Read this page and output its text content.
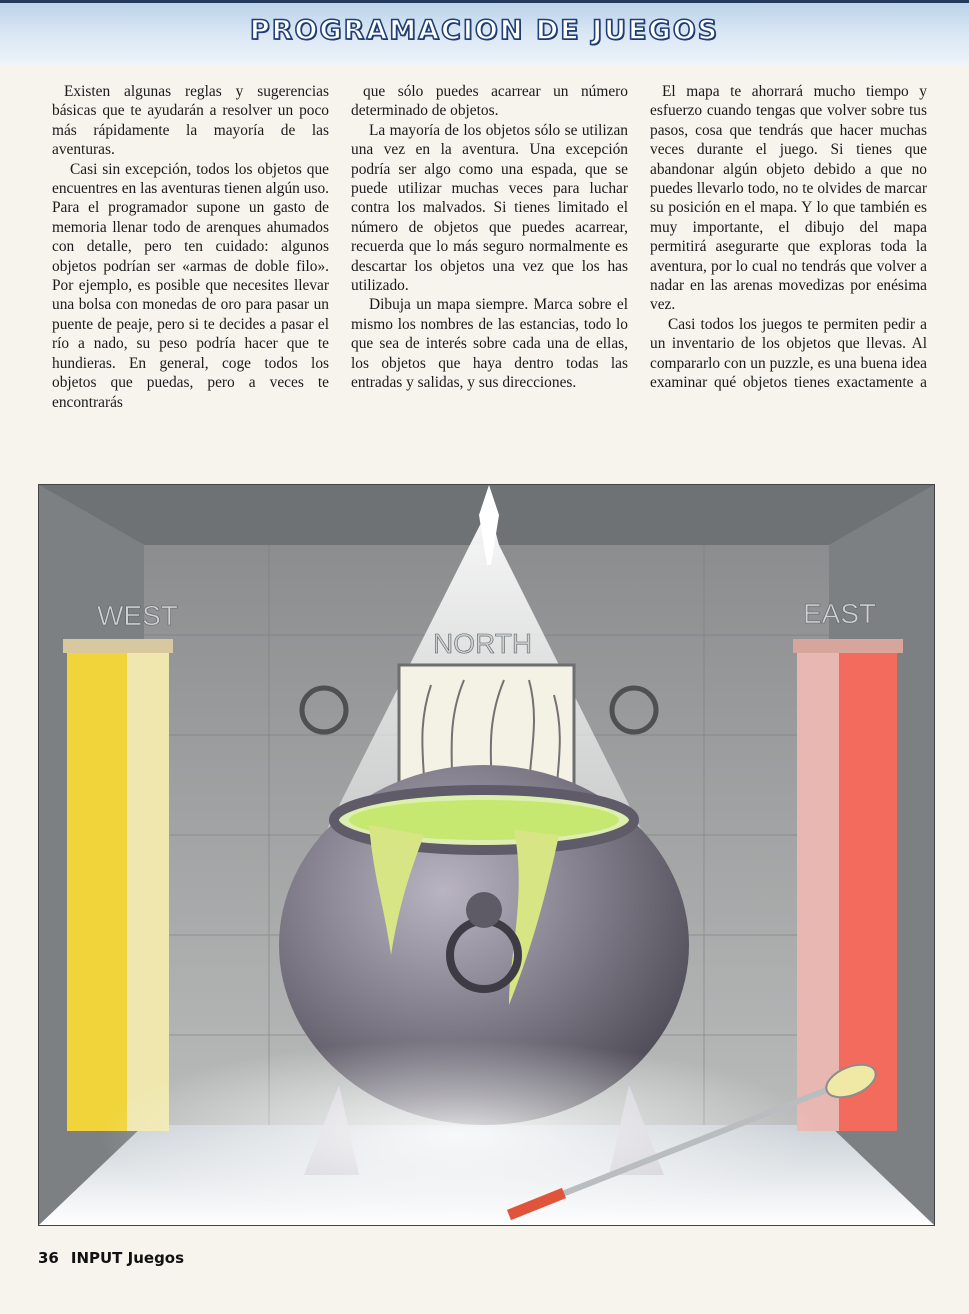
PROGRAMACION DE JUEGOS

Existen algunas reglas y sugerencias básicas que te ayudarán a resolver un poco más rápidamente la mayoría de las aventuras.

Casi sin excepción, todos los objetos que encuentres en las aventuras tienen algún uso. Para el programador supone un gasto de memoria llenar todo de arenques ahumados con detalle, pero ten cuidado: algunos objetos podrían ser «armas de doble filo». Por ejemplo, es posible que necesites llevar una bolsa con monedas de oro para pasar un puente de peaje, pero si te decides a pasar el río a nado, su peso podría hacer que te hundieras. En general, coge todos los objetos que puedas, pero a veces te encontrarás

que sólo puedes acarrear un número determinado de objetos.

La mayoría de los objetos sólo se utilizan una vez en la aventura. Una excepción podría ser algo como una espada, que se puede utilizar muchas veces para luchar contra los malvados. Si tienes limitado el número de objetos que puedes acarrear, recuerda que lo más seguro normalmente es descartar los objetos una vez que los has utilizado.

Dibuja un mapa siempre. Marca sobre el mismo los nombres de las estancias, todo lo que sea de interés sobre cada una de ellas, los objetos que haya dentro todas las entradas y salidas, y sus direcciones.

El mapa te ahorrará mucho tiempo y esfuerzo cuando tengas que volver sobre tus pasos, cosa que tendrás que hacer muchas veces durante el juego. Si tienes que abandonar algún objeto debido a que no puedes llevarlo todo, no te olvides de marcar su posición en el mapa. Y lo que también es muy importante, el dibujo del mapa permitirá asegurarte que exploras toda la aventura, por lo cual no tendrás que volver a nadar en las arenas movedizas por enésima vez.

Casi todos los juegos te permiten pedir a un inventario de los objetos que llevas. Al compararlo con un puzzle, es una buena idea examinar qué objetos tienes exactamente a

WEST
NORTH
EAST
36 INPUT Juegos
